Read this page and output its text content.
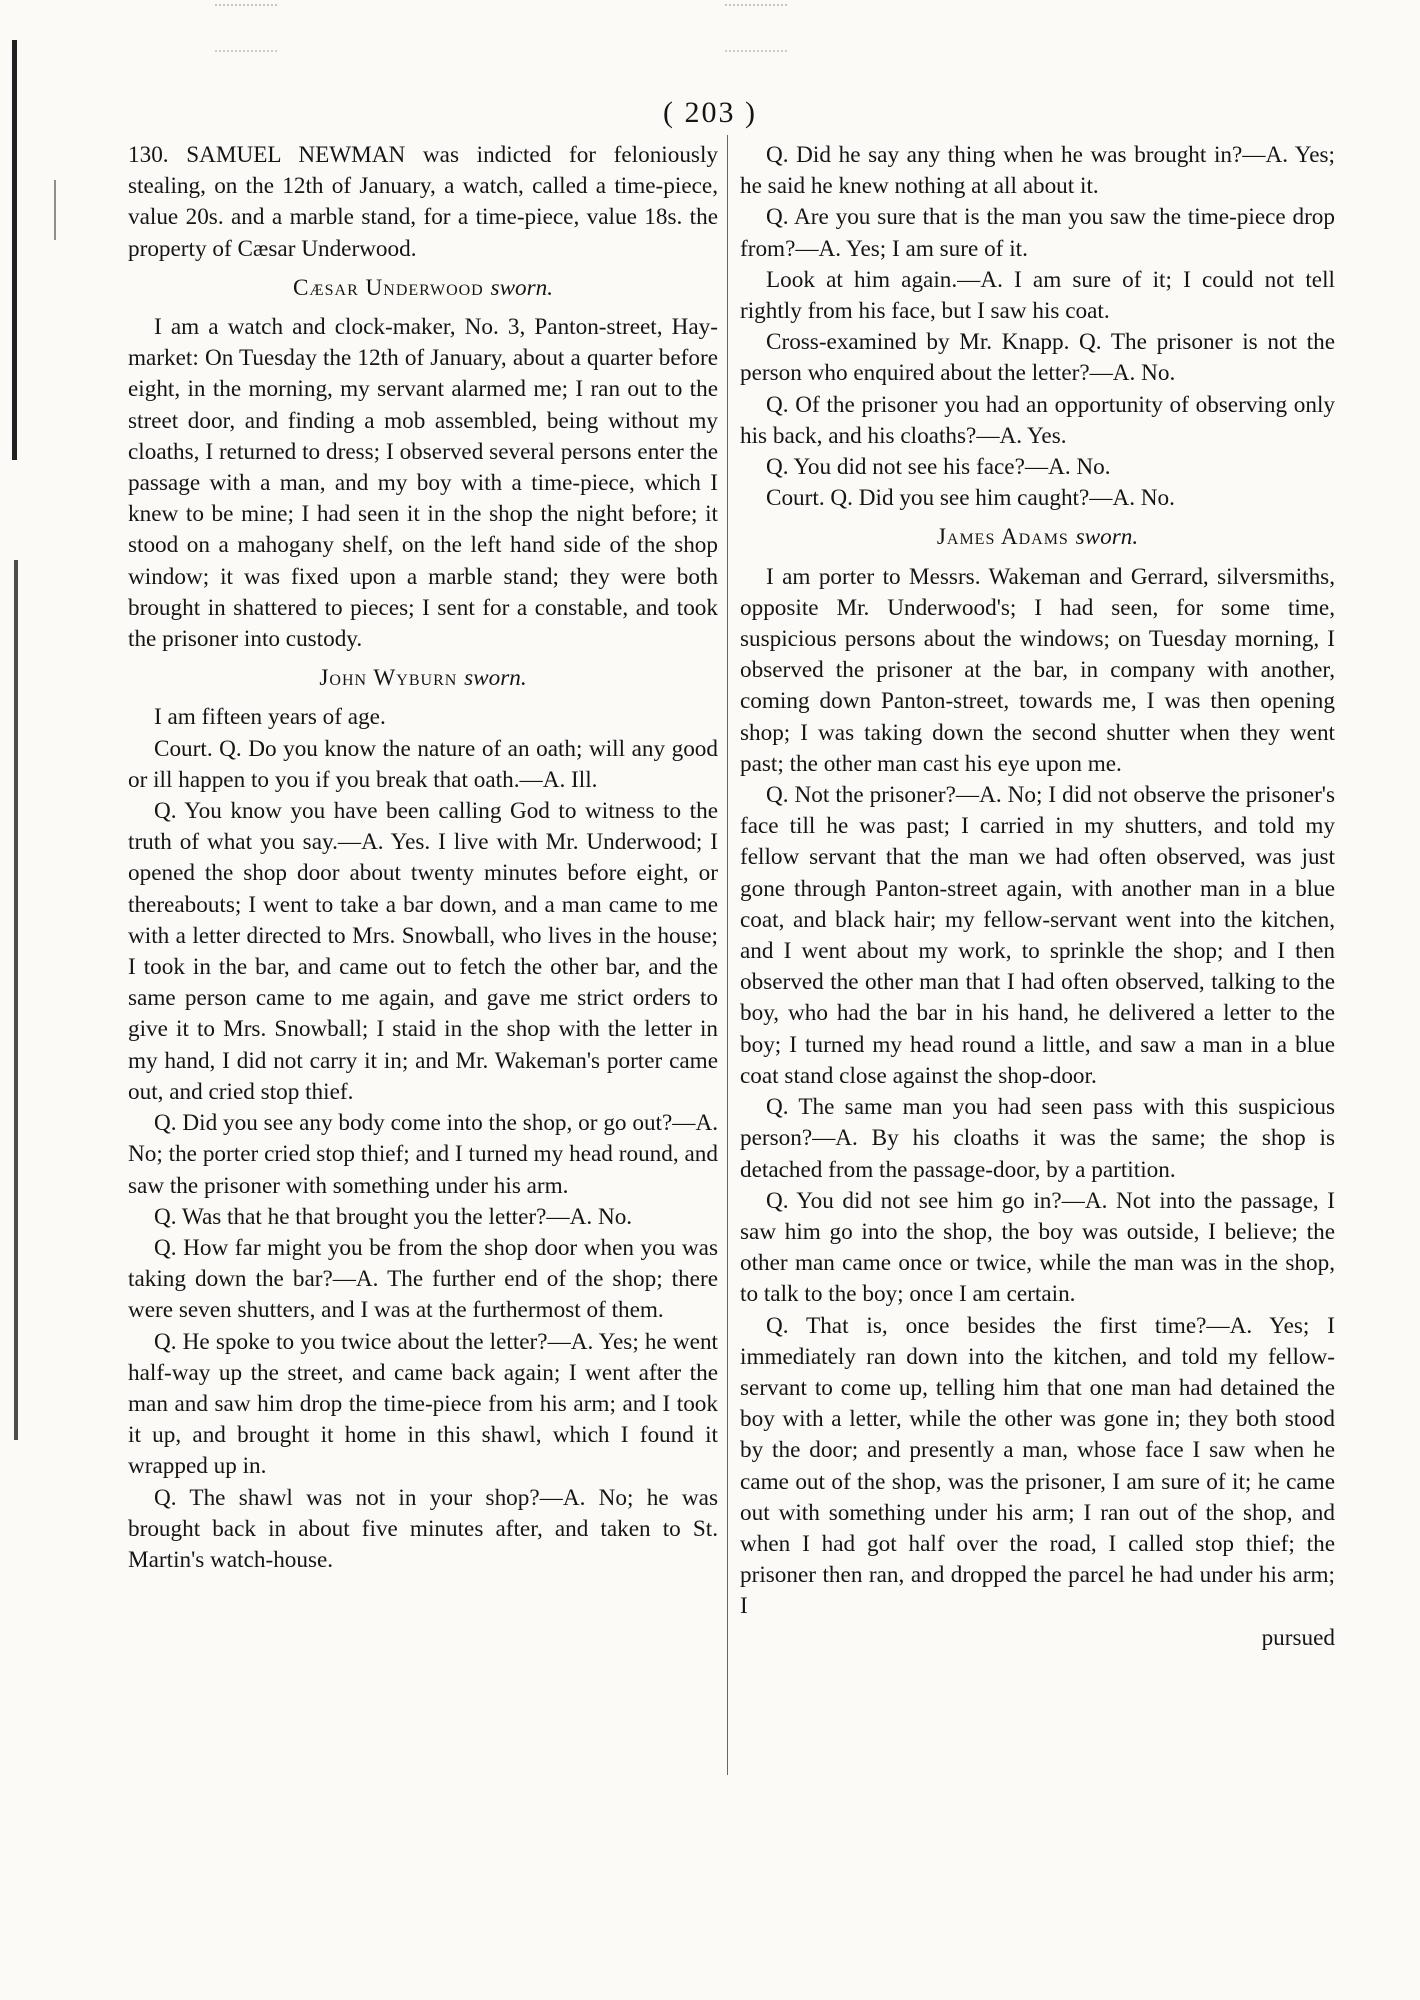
( 203 )

130. SAMUEL NEWMAN was indicted for feloniously stealing, on the 12th of January, a watch, called a time-piece, value 20s. and a marble stand, for a time-piece, value 18s. the property of Cæsar Underwood.

Cæsar Underwood sworn.

I am a watch and clock-maker, No. 3, Panton-street, Hay-market: On Tuesday the 12th of January, about a quarter before eight, in the morning, my servant alarmed me; I ran out to the street door, and finding a mob assembled, being without my cloaths, I returned to dress; I observed several persons enter the passage with a man, and my boy with a time-piece, which I knew to be mine; I had seen it in the shop the night before; it stood on a mahogany shelf, on the left hand side of the shop window; it was fixed upon a marble stand; they were both brought in shattered to pieces; I sent for a constable, and took the prisoner into custody.

John Wyburn sworn.

I am fifteen years of age.

Court. Q. Do you know the nature of an oath; will any good or ill happen to you if you break that oath.—A. Ill.

Q. You know you have been calling God to witness to the truth of what you say.—A. Yes. I live with Mr. Underwood; I opened the shop door about twenty minutes before eight, or thereabouts; I went to take a bar down, and a man came to me with a letter directed to Mrs. Snowball, who lives in the house; I took in the bar, and came out to fetch the other bar, and the same person came to me again, and gave me strict orders to give it to Mrs. Snowball; I staid in the shop with the letter in my hand, I did not carry it in; and Mr. Wakeman's porter came out, and cried stop thief.

Q. Did you see any body come into the shop, or go out?—A. No; the porter cried stop thief; and I turned my head round, and saw the prisoner with something under his arm.

Q. Was that he that brought you the letter?—A. No.

Q. How far might you be from the shop door when you was taking down the bar?—A. The further end of the shop; there were seven shutters, and I was at the furthermost of them.

Q. He spoke to you twice about the letter?—A. Yes; he went half-way up the street, and came back again; I went after the man and saw him drop the time-piece from his arm; and I took it up, and brought it home in this shawl, which I found it wrapped up in.

Q. The shawl was not in your shop?—A. No; he was brought back in about five minutes after, and taken to St. Martin's watch-house.

Q. Did he say any thing when he was brought in?—A. Yes; he said he knew nothing at all about it.

Q. Are you sure that is the man you saw the time-piece drop from?—A. Yes; I am sure of it.

Look at him again.—A. I am sure of it; I could not tell rightly from his face, but I saw his coat.

Cross-examined by Mr. Knapp. Q. The prisoner is not the person who enquired about the letter?—A. No.

Q. Of the prisoner you had an opportunity of observing only his back, and his cloaths?—A. Yes.

Q. You did not see his face?—A. No.

Court. Q. Did you see him caught?—A. No.

James Adams sworn.

I am porter to Messrs. Wakeman and Gerrard, silversmiths, opposite Mr. Underwood's; I had seen, for some time, suspicious persons about the windows; on Tuesday morning, I observed the prisoner at the bar, in company with another, coming down Panton-street, towards me, I was then opening shop; I was taking down the second shutter when they went past; the other man cast his eye upon me.

Q. Not the prisoner?—A. No; I did not observe the prisoner's face till he was past; I carried in my shutters, and told my fellow servant that the man we had often observed, was just gone through Panton-street again, with another man in a blue coat, and black hair; my fellow-servant went into the kitchen, and I went about my work, to sprinkle the shop; and I then observed the other man that I had often observed, talking to the boy, who had the bar in his hand, he delivered a letter to the boy; I turned my head round a little, and saw a man in a blue coat stand close against the shop-door.

Q. The same man you had seen pass with this suspicious person?—A. By his cloaths it was the same; the shop is detached from the passage-door, by a partition.

Q. You did not see him go in?—A. Not into the passage, I saw him go into the shop, the boy was outside, I believe; the other man came once or twice, while the man was in the shop, to talk to the boy; once I am certain.

Q. That is, once besides the first time?—A. Yes; I immediately ran down into the kitchen, and told my fellow-servant to come up, telling him that one man had detained the boy with a letter, while the other was gone in; they both stood by the door; and presently a man, whose face I saw when he came out of the shop, was the prisoner, I am sure of it; he came out with something under his arm; I ran out of the shop, and when I had got half over the road, I called stop thief; the prisoner then ran, and dropped the parcel he had under his arm; I

pursued
